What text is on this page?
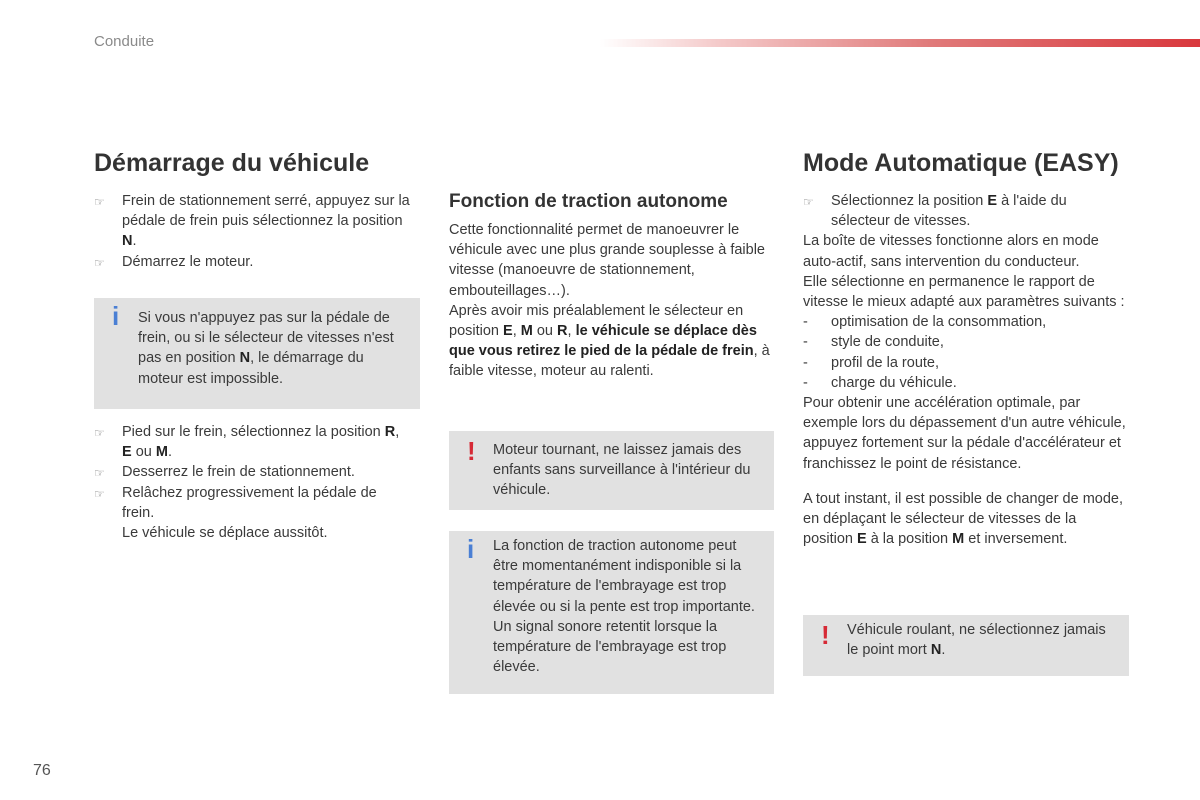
Conduite
Démarrage du véhicule
☞ Frein de stationnement serré, appuyez sur la pédale de frein puis sélectionnez la position N.
☞ Démarrez le moteur.
i Si vous n'appuyez pas sur la pédale de frein, ou si le sélecteur de vitesses n'est pas en position N, le démarrage du moteur est impossible.
☞ Pied sur le frein, sélectionnez la position R,
E ou M.
☞ Desserrez le frein de stationnement.
☞ Relâchez progressivement la pédale de frein.

Le véhicule se déplace aussitôt.

Fonction de traction autonome

Cette fonctionnalité permet de manoeuvrer le véhicule avec une plus grande souplesse à faible vitesse (manoeuvre de stationnement, embouteillages…).

Après avoir mis préalablement le sélecteur en position E, M ou R, le véhicule se déplace dès que vous retirez le pied de la pédale de frein, à faible vitesse, moteur au ralenti.

! Moteur tournant, ne laissez jamais des enfants sans surveillance à l'intérieur du véhicule.
i La fonction de traction autonome peut être momentanément indisponible si la température de l'embrayage est trop élevée ou si la pente est trop importante. Un signal sonore retentit lorsque la température de l'embrayage est trop élevée.
Mode Automatique (EASY)
☞ Sélectionnez la position E à l'aide du sélecteur de vitesses.

La boîte de vitesses fonctionne alors en mode auto-actif, sans intervention du conducteur.

Elle sélectionne en permanence le rapport de vitesse le mieux adapté aux paramètres suivants :

- optimisation de la consommation,
- style de conduite,
- profil de la route,
- charge du véhicule.

Pour obtenir une accélération optimale, par exemple lors du dépassement d'un autre véhicule, appuyez fortement sur la pédale d'accélérateur et franchissez le point de résistance.

A tout instant, il est possible de changer de mode, en déplaçant le sélecteur de vitesses de la position E à la position M et inversement.

! Véhicule roulant, ne sélectionnez jamais le point mort N.
76
